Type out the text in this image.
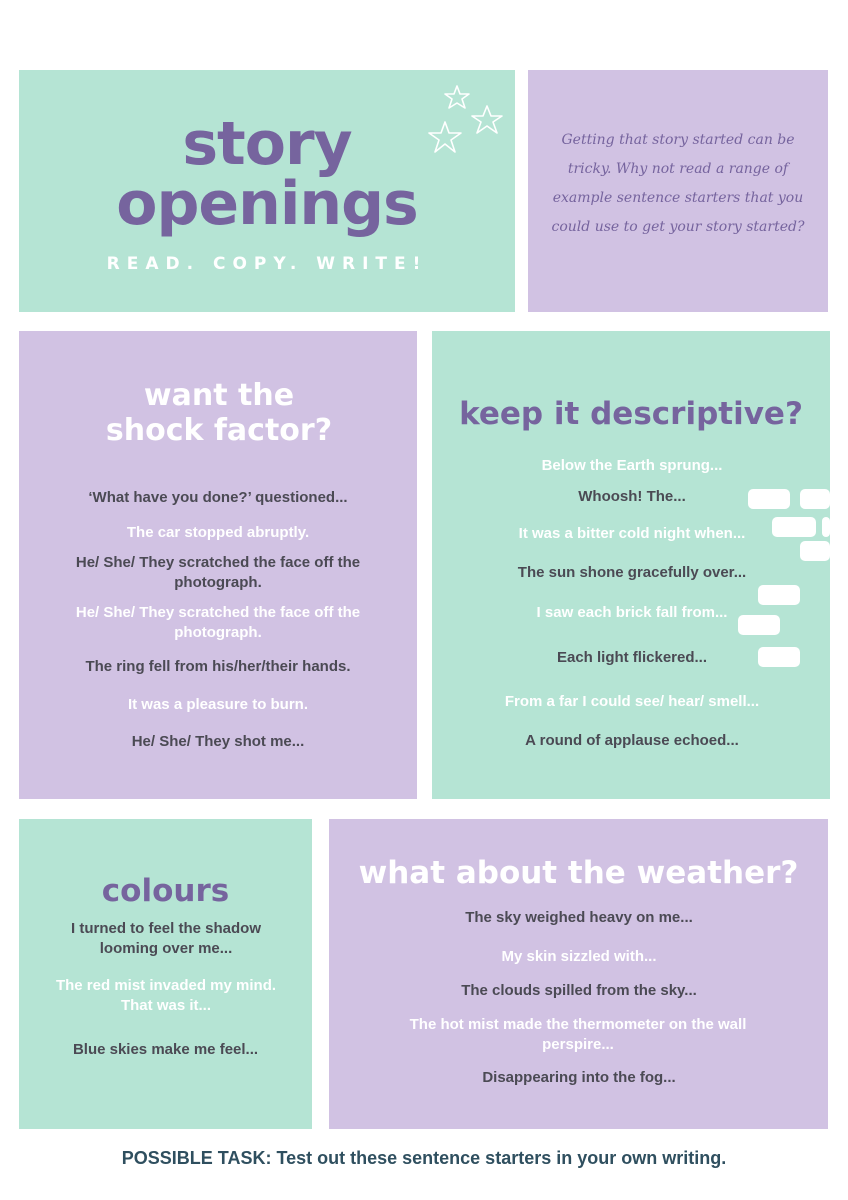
story
openings
READ. COPY. WRITE!
Getting that story started can be tricky. Why not read a range of example sentence starters that you could use to get your story started?
want the shock factor?
‘What have you done?’ questioned...
The car stopped abruptly.
He/ She/ They scratched the face off the photograph.
He/ She/ They scratched the face off the photograph.
The ring fell from his/her/their hands.
It was a pleasure to burn.
He/ She/ They shot me...
keep it descriptive?
Below the Earth sprung...
Whoosh! The...
It was a bitter cold night when...
The sun shone gracefully over...
I saw each brick fall from...
Each light flickered...
From a far I could see/ hear/ smell...
A round of applause echoed...
colours
I turned to feel the shadow looming over me...
The red mist invaded my mind. That was it...
Blue skies make me feel...
what about the weather?
The sky weighed heavy on me...
My skin sizzled with...
The clouds spilled from the sky...
The hot mist made the thermometer on the wall perspire...
Disappearing into the fog...
POSSIBLE TASK: Test out these sentence starters in your own writing.
